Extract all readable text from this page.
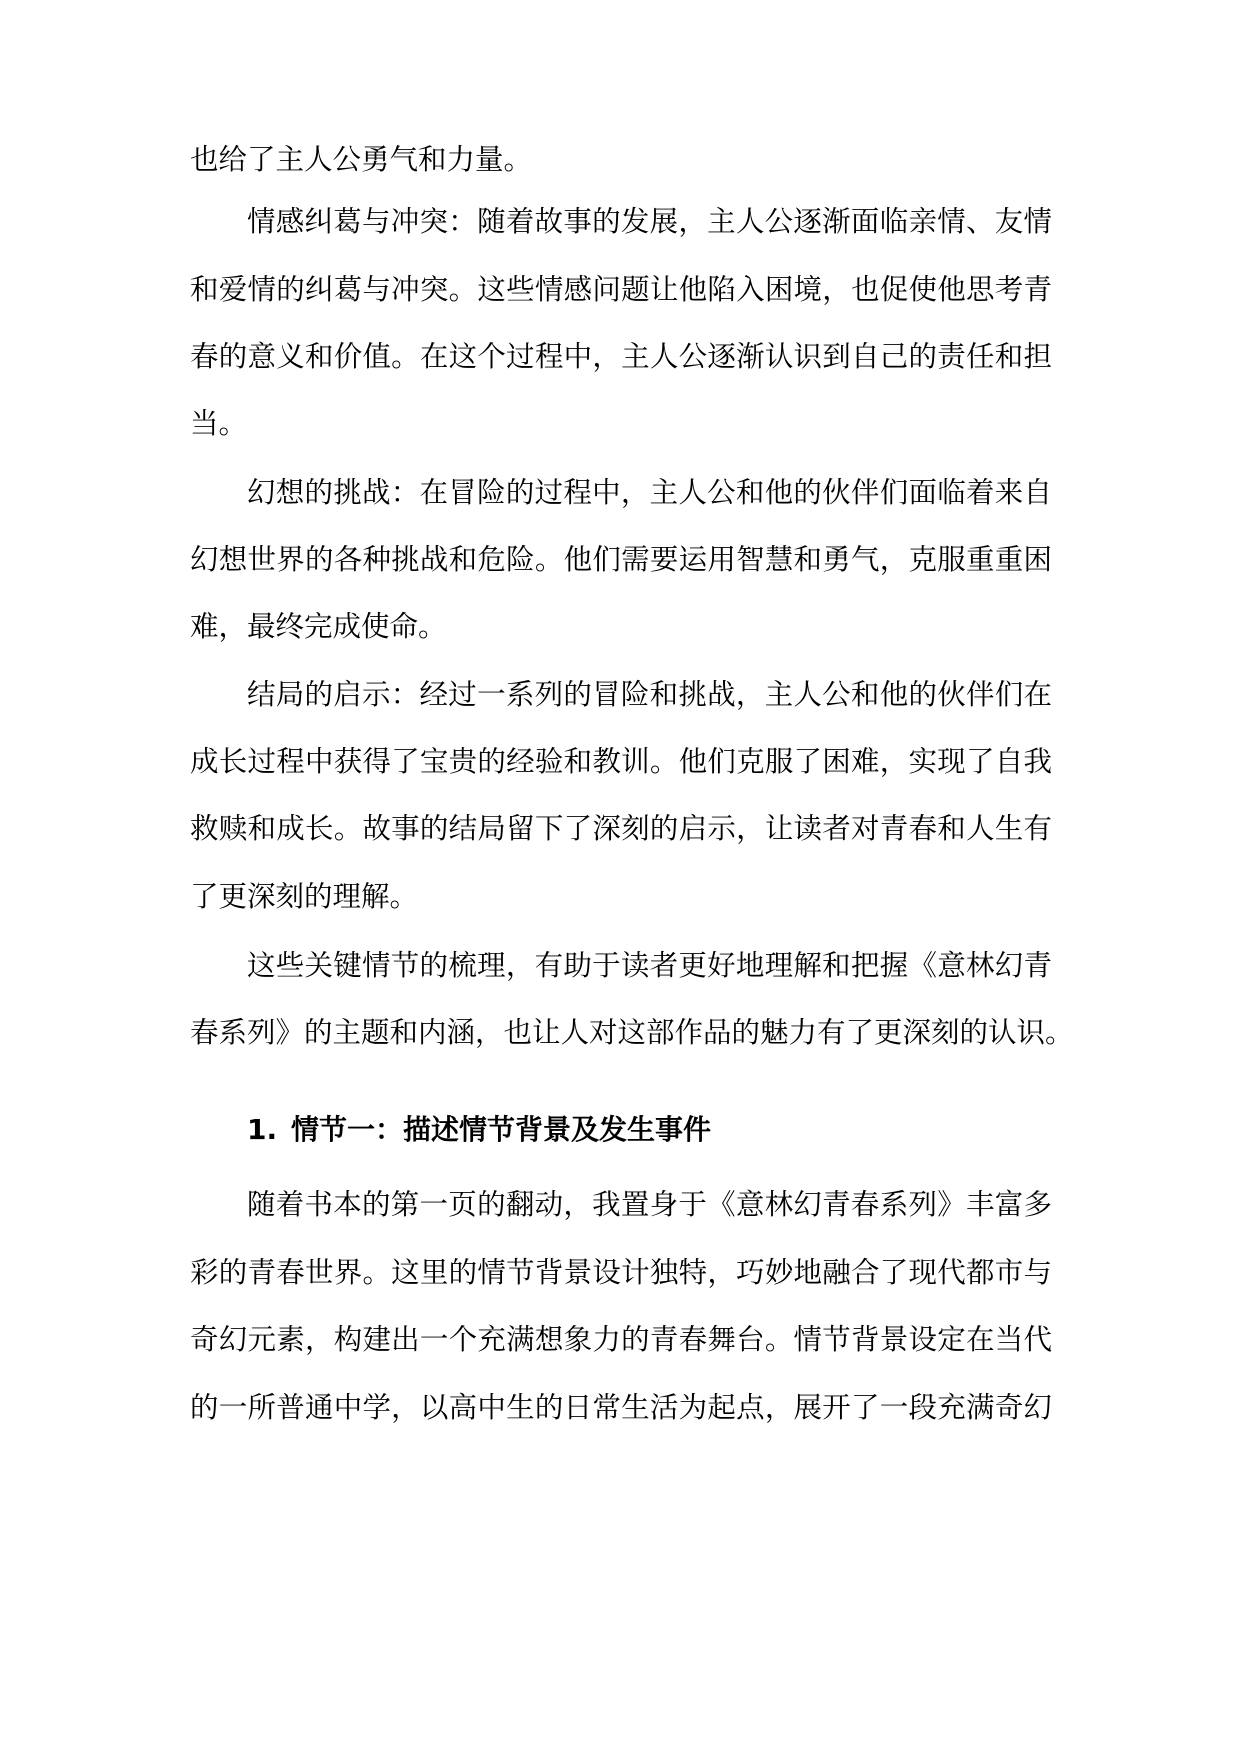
也给了主人公勇气和力量。
情感纠葛与冲突：随着故事的发展，主人公逐渐面临亲情、友情
和爱情的纠葛与冲突。这些情感问题让他陷入困境，也促使他思考青
春的意义和价值。在这个过程中，主人公逐渐认识到自己的责任和担
当。
幻想的挑战：在冒险的过程中，主人公和他的伙伴们面临着来自
幻想世界的各种挑战和危险。他们需要运用智慧和勇气，克服重重困
难，最终完成使命。
结局的启示：经过一系列的冒险和挑战，主人公和他的伙伴们在
成长过程中获得了宝贵的经验和教训。他们克服了困难，实现了自我
救赎和成长。故事的结局留下了深刻的启示，让读者对青春和人生有
了更深刻的理解。
这些关键情节的梳理，有助于读者更好地理解和把握《意林幻青
春系列》的主题和内涵，也让人对这部作品的魅力有了更深刻的认识。
1. 情节一：描述情节背景及发生事件
随着书本的第一页的翻动，我置身于《意林幻青春系列》丰富多
彩的青春世界。这里的情节背景设计独特，巧妙地融合了现代都市与
奇幻元素，构建出一个充满想象力的青春舞台。情节背景设定在当代
的一所普通中学，以高中生的日常生活为起点，展开了一段充满奇幻
